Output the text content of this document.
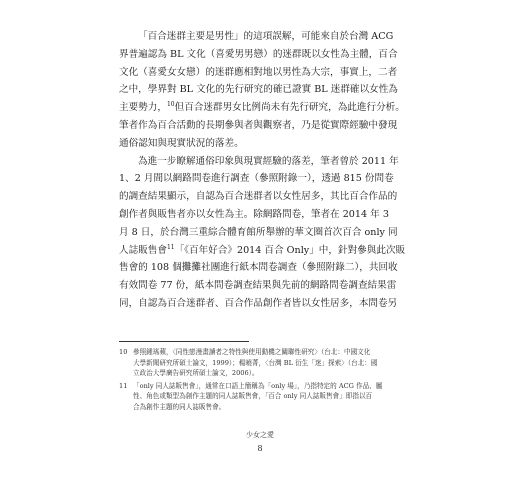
「百合迷群主要是男性」的這項誤解，可能來自於台灣 ACG

界普遍認為 BL 文化（喜愛男男戀）的迷群既以女性為主體，百合

文化（喜愛女女戀）的迷群應相對地以男性為大宗，事實上，二者

之中，學界對 BL 文化的先行研究的確已證實 BL 迷群確以女性為

主要勢力，$^{10}$但百合迷群男女比例尚未有先行研究，為此進行分析。

筆者作為百合活動的長期參與者與觀察者，乃是從實際經驗中發現

通俗認知與現實狀況的落差。

為進一步瞭解通俗印象與現實經驗的落差，筆者曾於 2011 年

1、2 月間以網路問卷進行調查（參照附錄一），透過 815 份問卷

的調查結果顯示，自認為百合迷群者以女性居多，其比百合作品的

創作者與販售者亦以女性為主。除網路問卷，筆者在 2014 年 3

月 8 日，於台灣三重綜合體育館所舉辦的華文圈首次百合 only 同

人誌販售會$^{11}$「《百年好合》2014 百合 Only」中，針對參與此次販

售會的 108 個攤攤社團進行紙本問卷調查（參照附錄二），共回收

有效問卷 77 份，紙本問卷調查結果與先前的網路問卷調查結果雷

同，自認為百合迷群者、百合作品創作者皆以女性居多，本問卷另

10 參照鍾瑤蘋，〈同性戀漫畫讀者之特性與使用動機之關聯性研究〉（台北：中國文化
大學新聞研究所碩士論文，1999）；楊曉菁，〈台灣 BL 衍生「迷」探索〉（台北：國
立政治大學廣告研究所碩士論文，2006）。
11 「only 同人誌販售會」，通常在口語上簡稱為「only 場」，乃指特定的 ACG 作品、屬
性、角色或類型為創作主題的同人誌販售會，「百合 only 同人誌販售會」即指以百
合為創作主題的同人誌販售會。
少女之愛
8
